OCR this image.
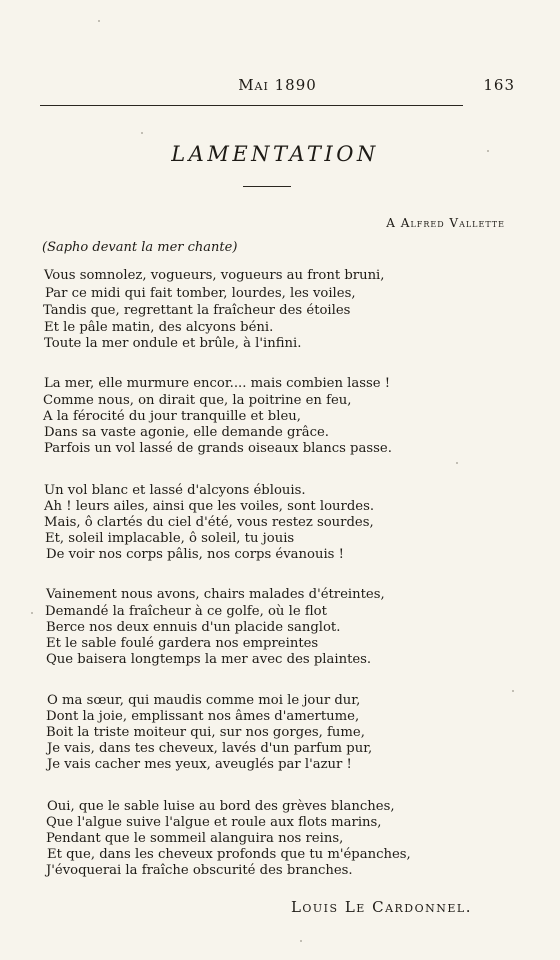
Mai 1890	163
LAMENTATION
A Alfred Vallette
(Sapho devant la mer chante)
Vous somnolez, vogueurs, vogueurs au front bruni,
Par ce midi qui fait tomber, lourdes, les voiles,
Tandis que, regrettant la fraîcheur des étoiles
Et le pâle matin, des alcyons béni.
Toute la mer ondule et brûle, à l'infini.
La mer, elle murmure encor.... mais combien lasse !
Comme nous, on dirait que, la poitrine en feu,
A la férocité du jour tranquille et bleu,
Dans sa vaste agonie, elle demande grâce.
Parfois un vol lassé de grands oiseaux blancs passe.
Un vol blanc et lassé d'alcyons éblouis.
Ah ! leurs ailes, ainsi que les voiles, sont lourdes.
Mais, ô clartés du ciel d'été, vous restez sourdes,
Et, soleil implacable, ô soleil, tu jouis
De voir nos corps pâlis, nos corps évanouis !
Vainement nous avons, chairs malades d'étreintes,
Demandé la fraîcheur à ce golfe, où le flot
Berce nos deux ennuis d'un placide sanglot.
Et le sable foulé gardera nos empreintes
Que baisera longtemps la mer avec des plaintes.
O ma sœur, qui maudis comme moi le jour dur,
Dont la joie, emplissant nos âmes d'amertume,
Boit la triste moiteur qui, sur nos gorges, fume,
Je vais, dans tes cheveux, lavés d'un parfum pur,
Je vais cacher mes yeux, aveuglés par l'azur !
Oui, que le sable luise au bord des grèves blanches,
Que l'algue suive l'algue et roule aux flots marins,
Pendant que le sommeil alanguira nos reins,
Et que, dans les cheveux profonds que tu m'épanches,
J'évoquerai la fraîche obscurité des branches.
Louis Le Cardonnel.
